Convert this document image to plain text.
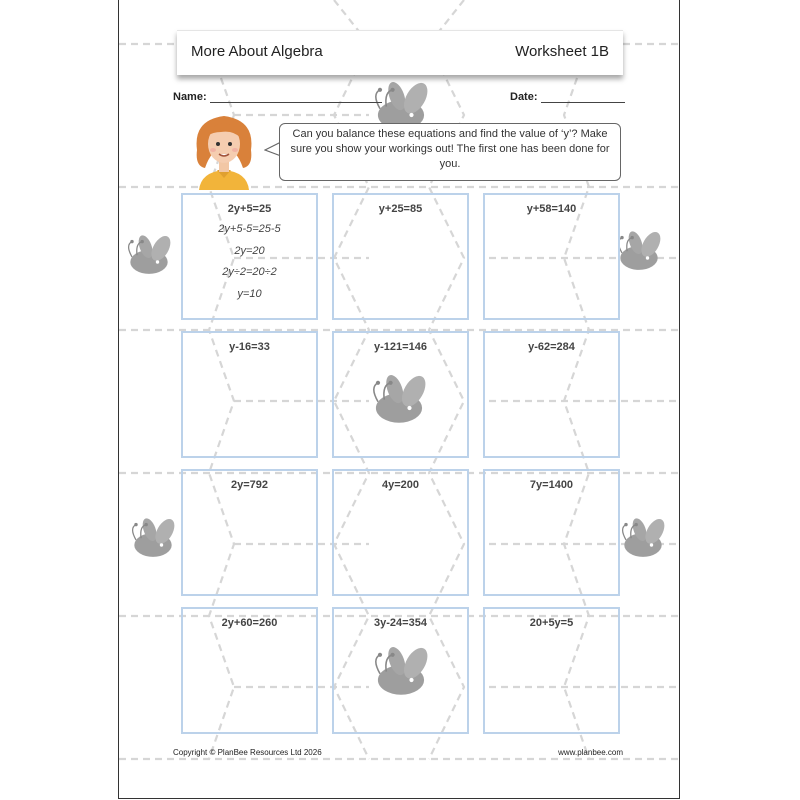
More About Algebra	Worksheet 1B
Name:	Date:
Can you balance these equations and find the value of ‘y’? Make sure you show your workings out! The first one has been done for you.
2y+5=25
2y+5-5=25-5
2y=20
2y÷2=20÷2
y=10
y+25=85	y+58=140
y-16=33	y-121=146	y-62=284
2y=792	4y=200	7y=1400
2y+60=260	3y-24=354	20+5y=5
Copyright © PlanBee Resources Ltd 2026	www.planbee.com
